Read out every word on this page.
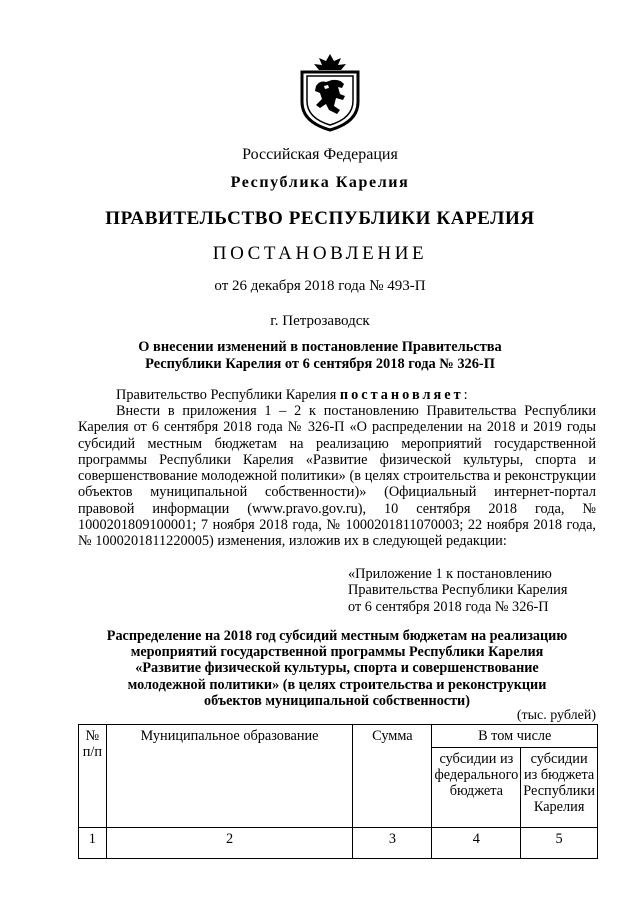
Российская Федерация
Республика Карелия
ПРАВИТЕЛЬСТВО РЕСПУБЛИКИ КАРЕЛИЯ
ПОСТАНОВЛЕНИЕ
от 26 декабря 2018 года № 493-П
г. Петрозаводск
О внесении изменений в постановление Правительства
Республики Карелия от 6 сентября 2018 года № 326-П
Правительство Республики Карелия постановляет:
Внести в приложения 1 – 2 к постановлению Правительства Республики Карелия от 6 сентября 2018 года № 326-П «О распределении на 2018 и 2019 годы субсидий местным бюджетам на реализацию мероприятий государственной программы Республики Карелия «Развитие физической культуры, спорта и совершенствование молодежной политики» (в целях строительства и реконструкции объектов муниципальной собственности)» (Официальный интернет-портал правовой информации (www.pravo.gov.ru), 10 сентября 2018 года, № 1000201809100001; 7 ноября 2018 года, № 1000201811070003; 22 ноября 2018 года, № 1000201811220005) изменения, изложив их в следующей редакции:
«Приложение 1 к постановлению
Правительства Республики Карелия
от 6 сентября 2018 года № 326-П
Распределение на 2018 год субсидий местным бюджетам на реализацию
мероприятий государственной программы Республики Карелия
«Развитие физической культуры, спорта и совершенствование
молодежной политики» (в целях строительства и реконструкции
объектов муниципальной собственности)
(тыс. рублей)
№ п/п	Муниципальное образование	Сумма	В том числе	
			субсидии из федерального бюджета	субсидии из бюджета Республики Карелия
1	2	3	4	5
